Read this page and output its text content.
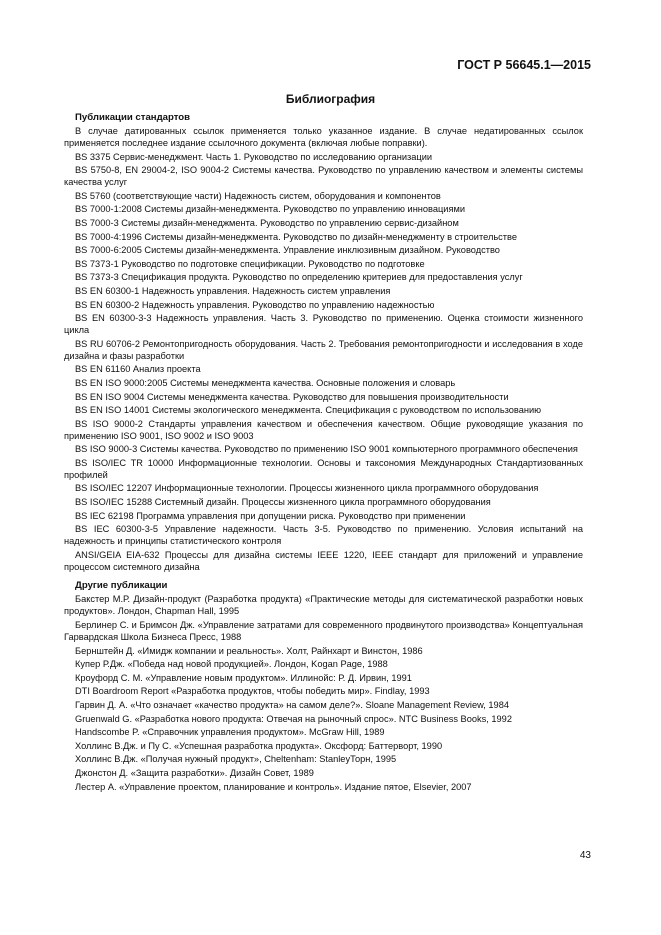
ГОСТ Р 56645.1—2015
Библиография
Публикации стандартов

В случае датированных ссылок применяется только указанное издание. В случае недатированных ссылок применяется последнее издание ссылочного документа (включая любые поправки).

BS 3375 Сервис-менеджмент. Часть 1. Руководство по исследованию организации

BS 5750-8, EN 29004-2, ISO 9004-2 Системы качества. Руководство по управлению качеством и элементы системы качества услуг

BS 5760 (соответствующие части) Надежность систем, оборудования и компонентов

BS 7000-1:2008 Системы дизайн-менеджмента. Руководство по управлению инновациями

BS 7000-3 Системы дизайн-менеджмента. Руководство по управлению сервис-дизайном

BS 7000-4:1996 Системы дизайн-менеджмента. Руководство по дизайн-менеджменту в строительстве

BS 7000-6:2005 Системы дизайн-менеджмента. Управление инклюзивным дизайном. Руководство

BS 7373-1 Руководство по подготовке спецификации. Руководство по подготовке

BS 7373-3 Спецификация продукта. Руководство по определению критериев для предоставления услуг

BS EN 60300-1 Надежность управления. Надежность систем управления

BS EN 60300-2 Надежность управления. Руководство по управлению надежностью

BS EN 60300-3-3 Надежность управления. Часть 3. Руководство по применению. Оценка стоимости жизненного цикла

BS RU 60706-2 Ремонтопригодность оборудования. Часть 2. Требования ремонтопригодности и исследования в ходе дизайна и фазы разработки

BS EN 61160 Анализ проекта

BS EN ISO 9000:2005 Системы менеджмента качества. Основные положения и словарь

BS EN ISO 9004 Системы менеджмента качества. Руководство для повышения производительности

BS EN ISO 14001 Системы экологического менеджмента. Спецификация с руководством по использованию

BS ISO 9000-2 Стандарты управления качеством и обеспечения качеством. Общие руководящие указания по применению ISO 9001, ISO 9002 и ISO 9003

BS ISO 9000-3 Системы качества. Руководство по применению ISO 9001 компьютерного программного обеспечения

BS ISO/IEC TR 10000 Информационные технологии. Основы и таксономия Международных Стандартизованных профилей

BS ISO/IEC 12207 Информационные технологии. Процессы жизненного цикла программного оборудования

BS ISO/IEC 15288 Системный дизайн. Процессы жизненного цикла программного оборудования

BS IEC 62198 Программа управления при допущении риска. Руководство при применении

BS IEC 60300-3-5 Управление надежности. Часть 3-5. Руководство по применению. Условия испытаний на надежность и принципы статистического контроля

ANSI/GEIA EIA-632 Процессы для дизайна системы IEEE 1220, IEEE стандарт для приложений и управление процессом системного дизайна

Другие публикации

Бакстер М.Р. Дизайн-продукт (Разработка продукта) «Практические методы для систематической разработки новых продуктов». Лондон, Chapman Hall, 1995

Берлинер С. и Бримсон Дж. «Управление затратами для современного продвинутого производства» Концептуальная Гарвардская Школа Бизнеса Пресс, 1988

Бернштейн Д. «Имидж компании и реальность». Холт, Райнхарт и Винстон, 1986

Купер Р.Дж. «Победа над новой продукцией». Лондон, Kogan Page, 1988

Кроуфорд С. М. «Управление новым продуктом». Иллинойс: Р. Д. Ирвин, 1991

DTI Boardroom Report «Разработка продуктов, чтобы победить мир». Findlay, 1993

Гарвин Д. А. «Что означает «качество продукта» на самом деле?». Sloane Management Review, 1984

Gruenwald G. «Разработка нового продукта: Отвечая на рыночный спрос». NTC Business Books, 1992

Handscombe P. «Справочник управления продуктом». McGraw Hill, 1989

Холлинс В.Дж. и Пу С. «Успешная разработка продукта». Оксфорд: Баттерворт, 1990

Холлинс В.Дж. «Получая нужный продукт», Cheltenham: StanleyТорн, 1995

Джонстон Д. «Защита разработки». Дизайн Совет, 1989

Лестер А. «Управление проектом, планирование и контроль». Издание пятое, Elsevier, 2007

43
